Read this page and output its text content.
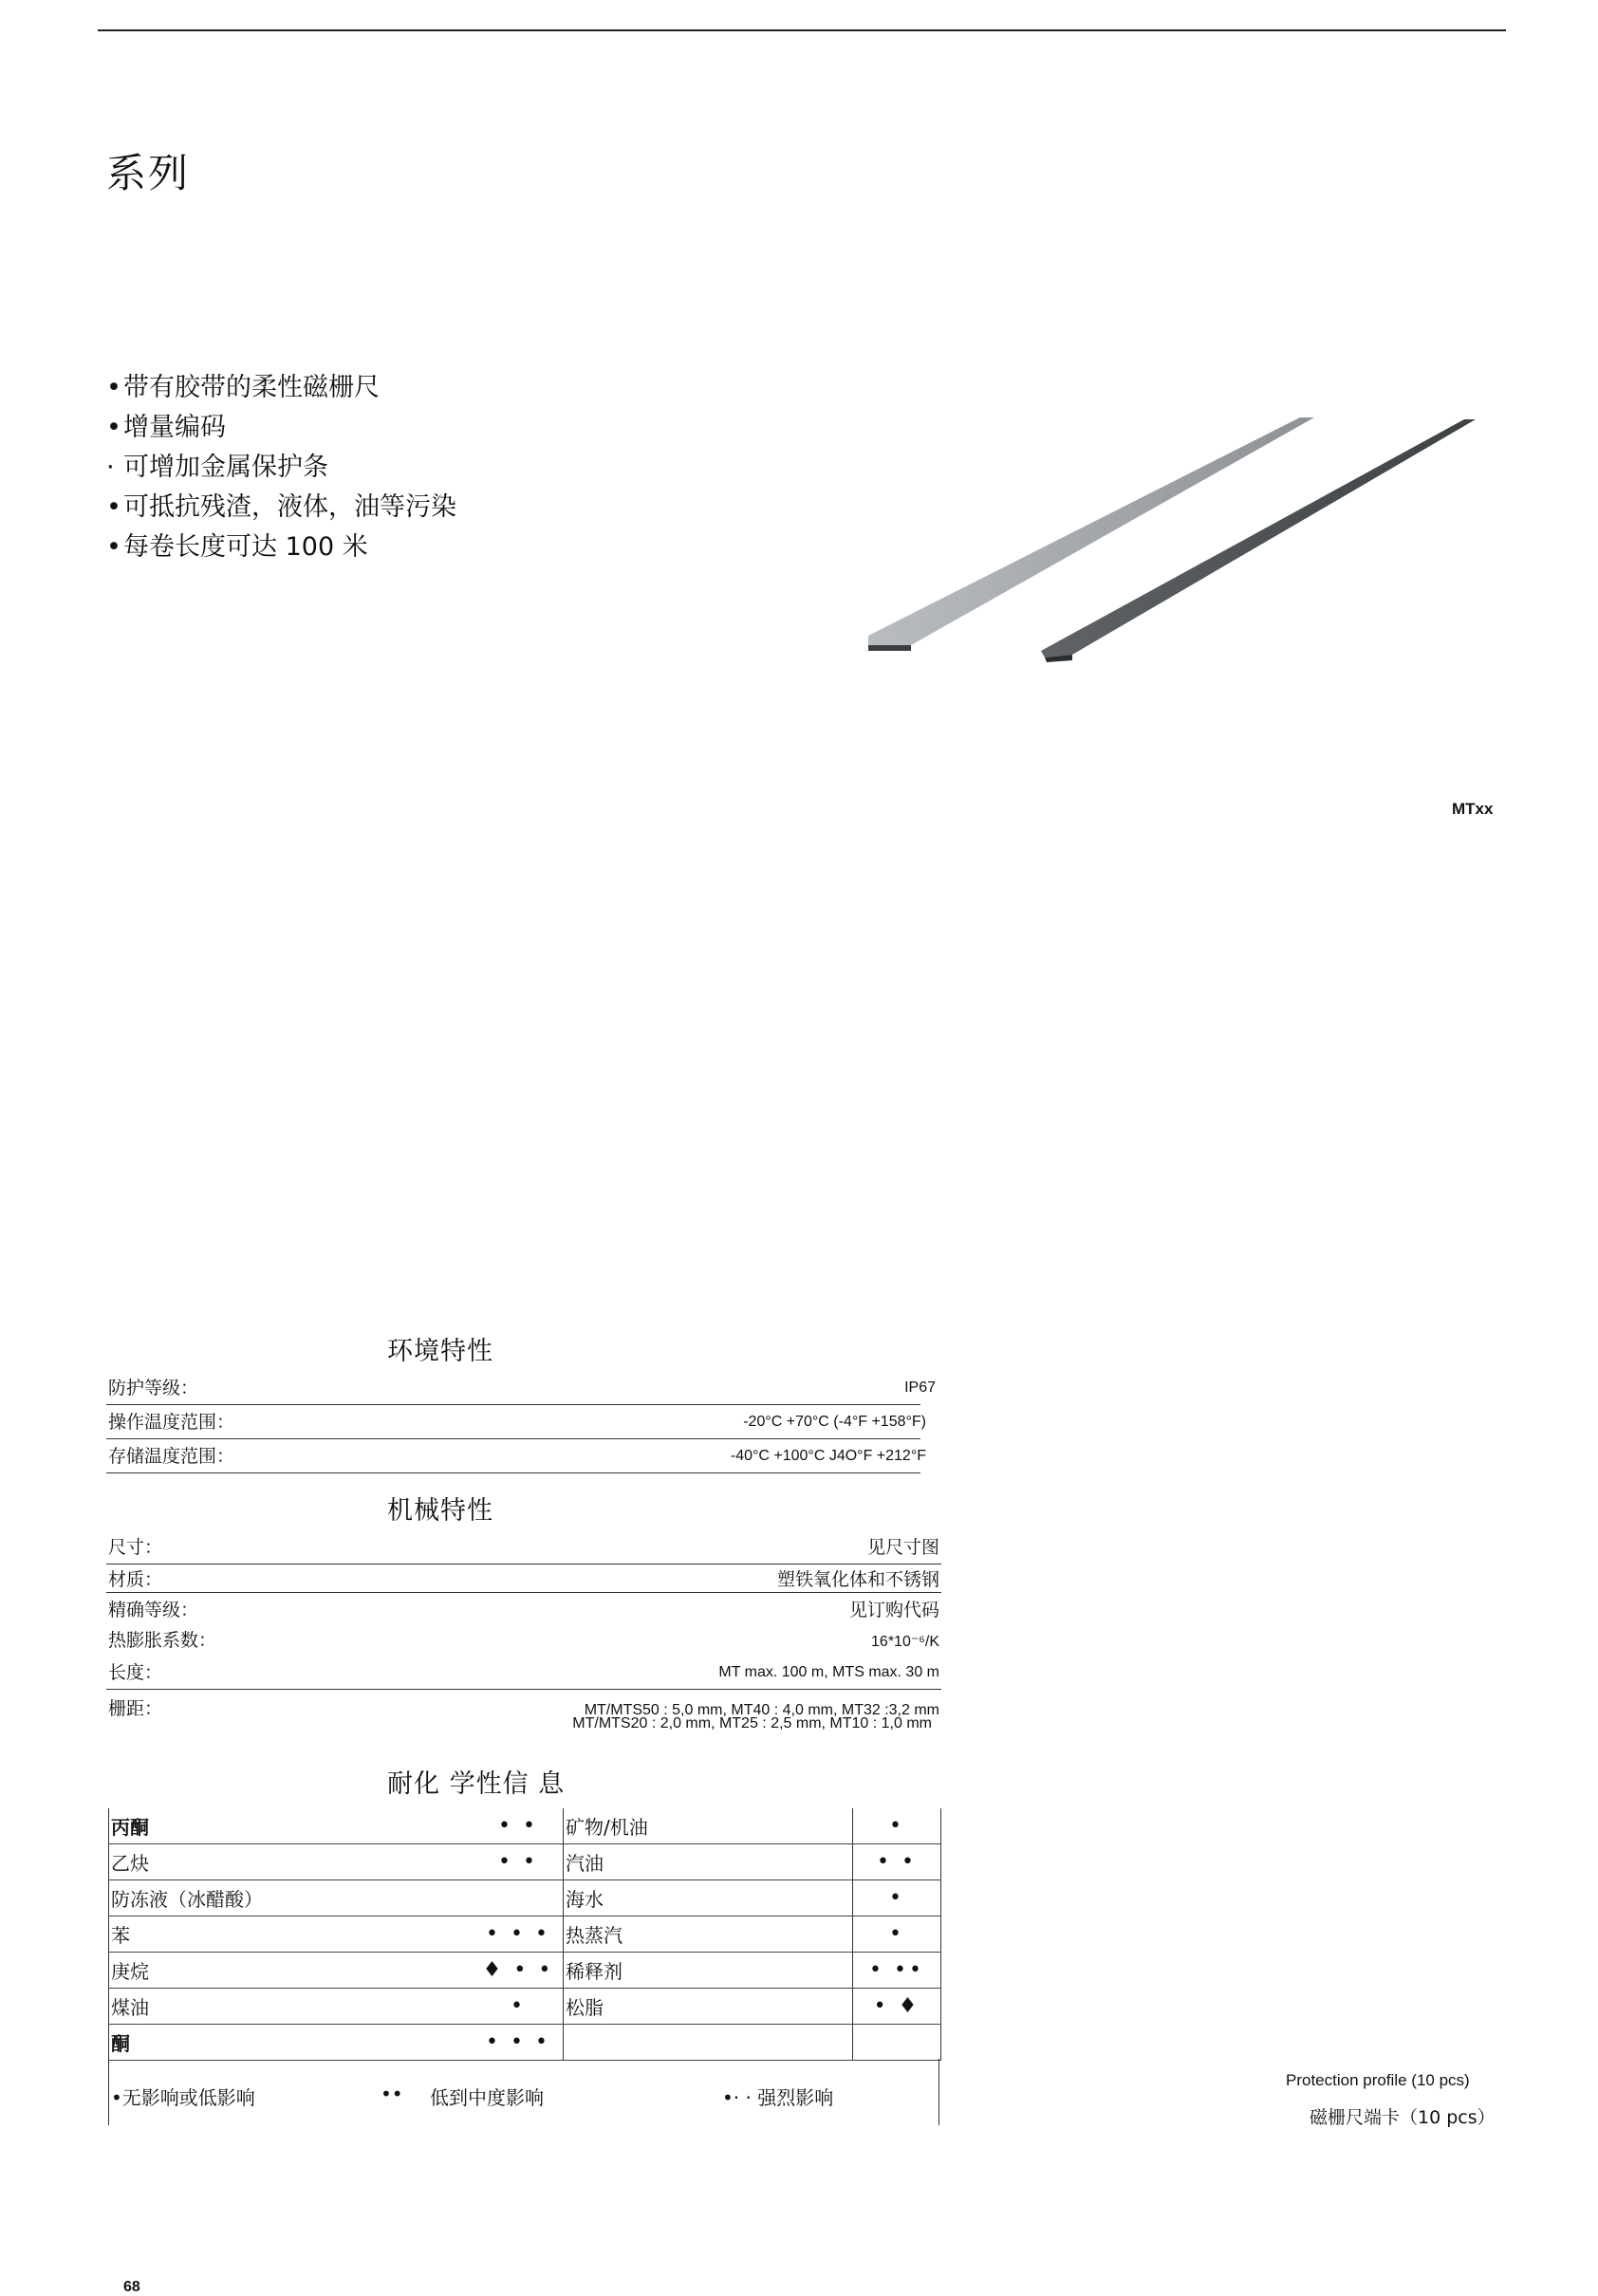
系列
•带有胶带的柔性磁栅尺
•增量编码
· 可增加金属保护条
•可抵抗残渣，液体，油等污染
•每卷长度可达 100 米
MTxx
环境特性
防护等级：	IP67
操作温度范围：	-20°C +70°C (-4°F +158°F)
存储温度范围：	-40°C +100°C J4O°F +212°F
机械特性
尺寸：	见尺寸图
材质：	塑铁氧化体和不锈钢
精确等级：	见订购代码
热膨胀系数：	16*10⁻⁶/K
长度：	MT max. 100 m, MTS max. 30 m
栅距：	MT/MTS50 : 5,0 mm, MT40 : 4,0 mm, MT32 :3,2 mm
MT/MTS20 : 2,0 mm, MT25 : 2,5 mm, MT10 : 1,0 mm
耐化 学性信 息
丙酮	• •	矿物/机油	•
乙炔	• •	汽油	• •
防冻液（冰醋酸）		海水	•
苯	• • •	热蒸汽	•
庚烷	♦ • •	稀释剂	• ••
煤油	•	松脂	• ♦
酮	• • •		
•无影响或低影响	•• 低到中度影响	•· · 强烈影响
Protection profile (10 pcs)
磁栅尺端卡（10 pcs）
68
